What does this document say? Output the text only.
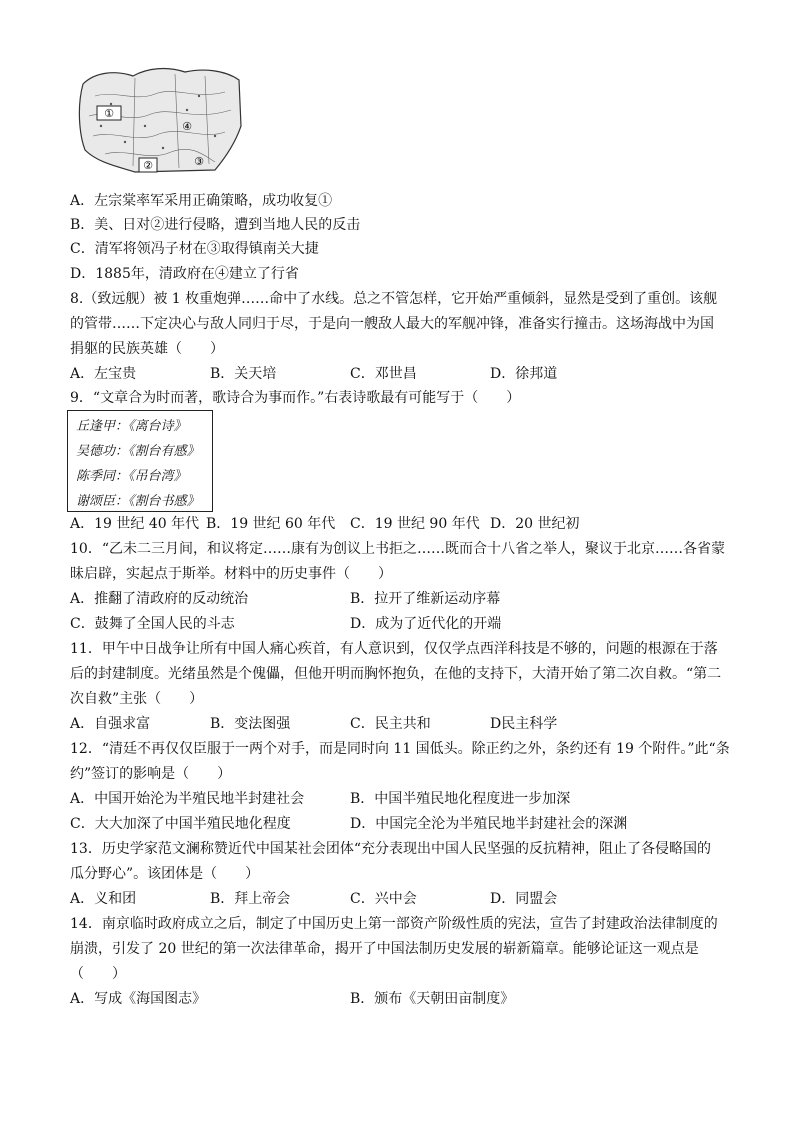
①
④
②	③
A．左宗棠率军采用正确策略，成功收复①
B．美、日对②进行侵略，遭到当地人民的反击
C．清军将领冯子材在③取得镇南关大捷
D．1885年，清政府在④建立了行省
8.（致远舰）被 1 枚重炮弹……命中了水线。总之不管怎样，它开始严重倾斜，显然是受到了重创。该舰
的管带……下定决心与敌人同归于尽，于是向一艘敌人最大的军舰冲锋，准备实行撞击。这场海战中为国
捐躯的民族英雄（　　）
A．左宝贵	B．关天培	C．邓世昌	D．徐邦道
9．“文章合为时而著，歌诗合为事而作。”右表诗歌最有可能写于（　　）
丘逢甲：《离台诗》
吴德功：《割台有感》
陈季同：《吊台湾》
谢颂臣：《割台书感》
A．19 世纪 40 年代 B．19 世纪 60 年代 C．19 世纪 90 年代 D．20 世纪初
10．“乙未二三月间，和议将定……康有为创议上书拒之……既而合十八省之举人，聚议于北京……各省蒙
昧启辟，实起点于斯举。材料中的历史事件（　　）
A．推翻了清政府的反动统治	B．拉开了维新运动序幕
C．鼓舞了全国人民的斗志	D．成为了近代化的开端
11．甲午中日战争让所有中国人痛心疾首，有人意识到，仅仅学点西洋科技是不够的，问题的根源在于落
后的封建制度。光绪虽然是个傀儡，但他开明而胸怀抱负，在他的支持下，大清开始了第二次自救。“第二
次自救”主张（　　）
A．自强求富	B．变法图强	C．民主共和	D民主科学
12．“清廷不再仅仅臣服于一两个对手，而是同时向 11 国低头。除正约之外，条约还有 19 个附件。”此“条
约”签订的影响是（　　）
A．中国开始沦为半殖民地半封建社会	B．中国半殖民地化程度进一步加深
C．大大加深了中国半殖民地化程度	D．中国完全沦为半殖民地半封建社会的深渊
13．历史学家范文澜称赞近代中国某社会团体“充分表现出中国人民坚强的反抗精神，阻止了各侵略国的
瓜分野心”。该团体是（　　）
A．义和团	B．拜上帝会	C．兴中会	D．同盟会
14．南京临时政府成立之后，制定了中国历史上第一部资产阶级性质的宪法，宣告了封建政治法律制度的
崩溃，引发了 20 世纪的第一次法律革命，揭开了中国法制历史发展的崭新篇章。能够论证这一观点是
（　　）
A．写成《海国图志》	B．颁布《天朝田亩制度》
